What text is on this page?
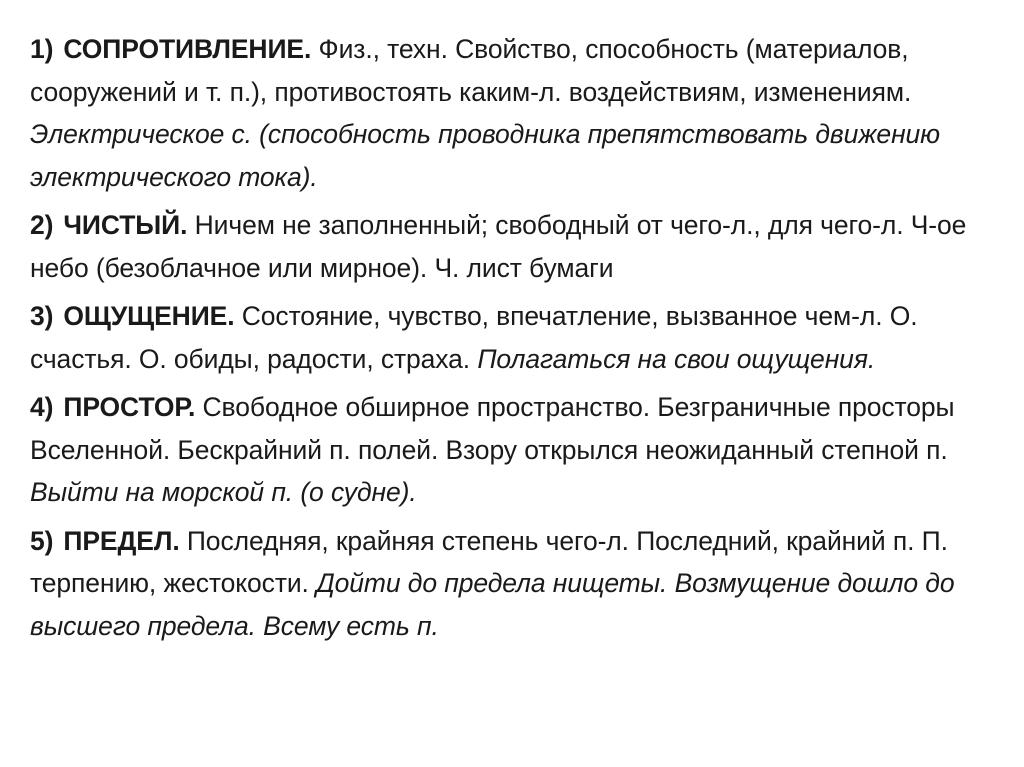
1) СОПРОТИВЛЕНИЕ. Физ., техн. Свойство, способность (материалов, сооружений и т. п.), противостоять каким-л. воздействиям, изменениям. Электрическое с. (способность проводника препятствовать движению электрического тока).
2) ЧИСТЫЙ. Ничем не заполненный; свободный от чего-л., для чего-л. Ч-ое небо (безоблачное или мирное). Ч. лист бумаги
3) ОЩУЩЕНИЕ. Состояние, чувство, впечатление, вызванное чем-л. О. счастья. О. обиды, радости, страха. Полагаться на свои ощущения.
4) ПРОСТОР. Свободное обширное пространство. Безграничные просторы Вселенной. Бескрайний п. полей. Взору открылся неожиданный степной п. Выйти на морской п. (о судне).
5) ПРЕДЕЛ. Последняя, крайняя степень чего-л. Последний, крайний п. П. терпению, жестокости. Дойти до предела нищеты. Возмущение дошло до высшего предела. Всему есть п.
